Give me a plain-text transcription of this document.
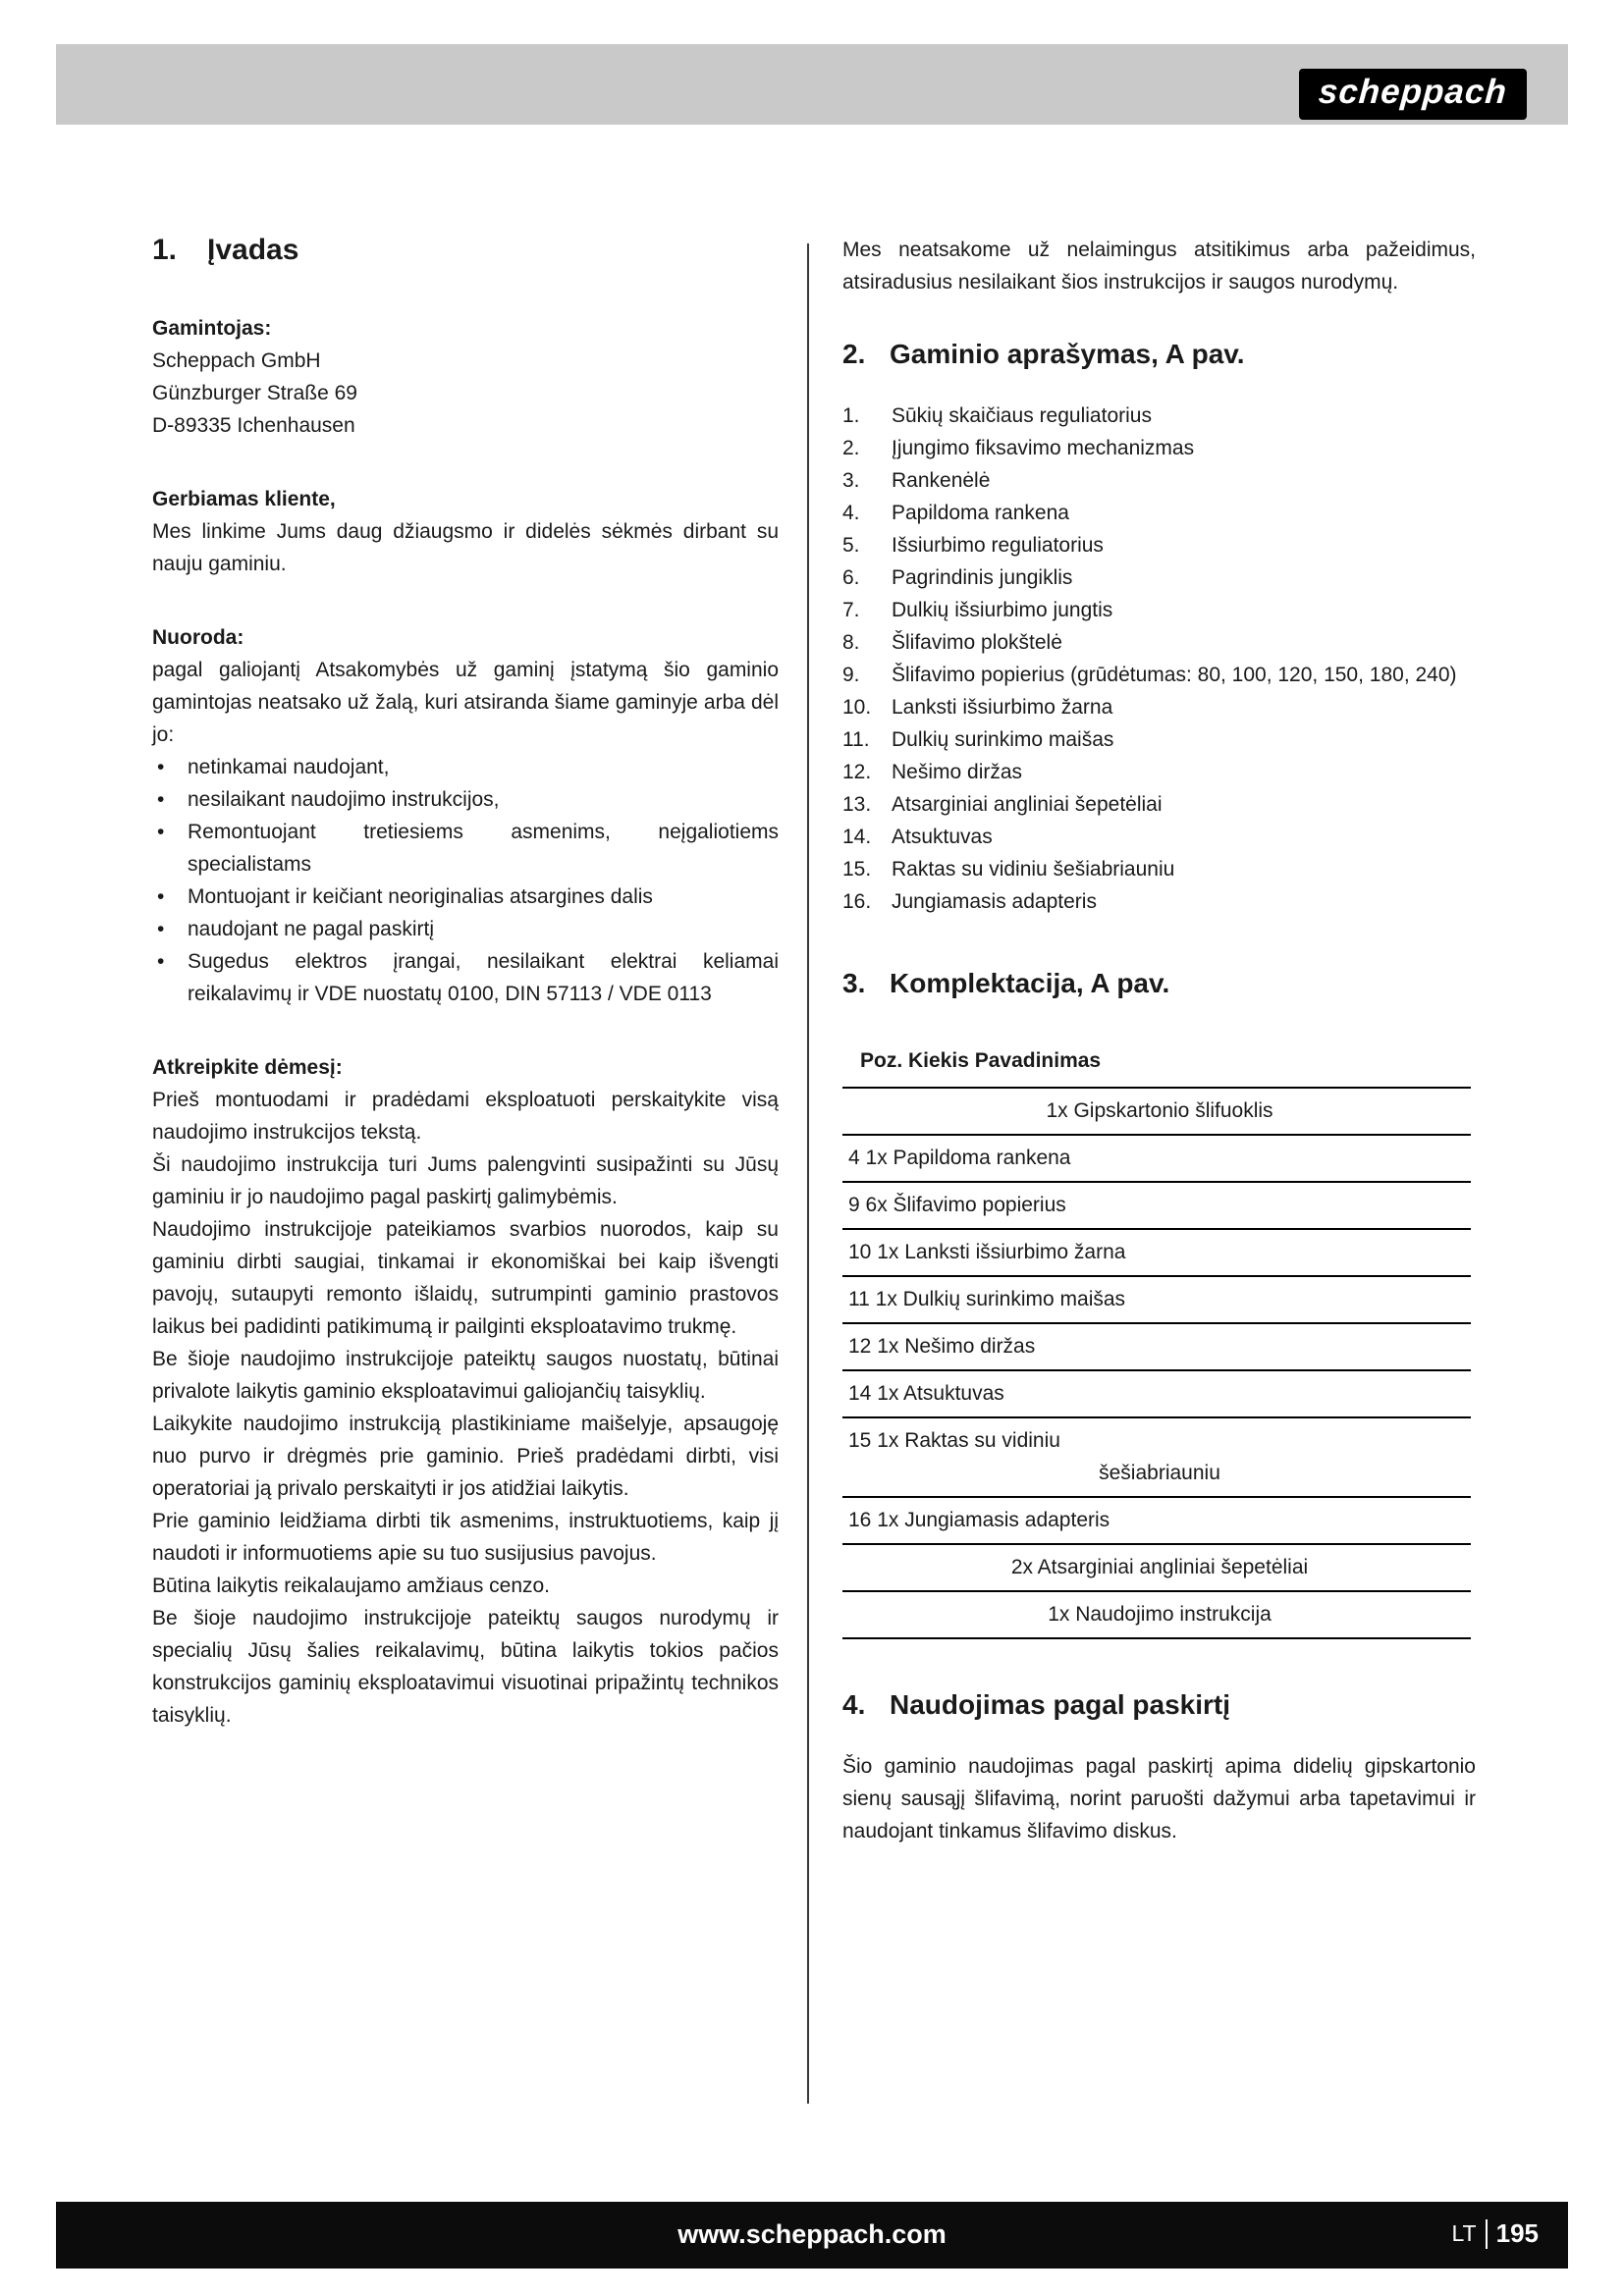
scheppach
1.	Įvadas

Gamintojas:

Scheppach GmbH

Günzburger Straße 69

D-89335 Ichenhausen

Gerbiamas kliente,

Mes linkime Jums daug džiaugsmo ir didelės sėkmės dirbant su nauju gaminiu.

Nuoroda:

pagal galiojantį Atsakomybės už gaminį įstatymą šio gaminio gamintojas neatsako už žalą, kuri atsiranda šiame gaminyje arba dėl jo:

•	netinkamai naudojant,
•	nesilaikant naudojimo instrukcijos,
•	Remontuojant tretiesiems asmenims, neįgaliotiems specialistams
•	Montuojant ir keičiant neoriginalias atsargines dalis
•	naudojant ne pagal paskirtį
•	Sugedus elektros įrangai, nesilaikant elektrai keliamai reikalavimų ir VDE nuostatų 0100, DIN 57113 / VDE 0113

Atkreipkite dėmesį:

Prieš montuodami ir pradėdami eksploatuoti perskaitykite visą naudojimo instrukcijos tekstą.

Ši naudojimo instrukcija turi Jums palengvinti susipažinti su Jūsų gaminiu ir jo naudojimo pagal paskirtį galimybėmis.

Naudojimo instrukcijoje pateikiamos svarbios nuorodos, kaip su gaminiu dirbti saugiai, tinkamai ir ekonomiškai bei kaip išvengti pavojų, sutaupyti remonto išlaidų, sutrumpinti gaminio prastovos laikus bei padidinti patikimumą ir pailginti eksploatavimo trukmę.

Be šioje naudojimo instrukcijoje pateiktų saugos nuostatų, būtinai privalote laikytis gaminio eksploatavimui galiojančių taisyklių.

Laikykite naudojimo instrukciją plastikiniame maišelyje, apsaugoję nuo purvo ir drėgmės prie gaminio. Prieš pradėdami dirbti, visi operatoriai ją privalo perskaityti ir jos atidžiai laikytis.

Prie gaminio leidžiama dirbti tik asmenims, instruktuotiems, kaip jį naudoti ir informuotiems apie su tuo susijusius pavojus.

Būtina laikytis reikalaujamo amžiaus cenzo.

Be šioje naudojimo instrukcijoje pateiktų saugos nurodymų ir specialių Jūsų šalies reikalavimų, būtina laikytis tokios pačios konstrukcijos gaminių eksploatavimui visuotinai pripažintų technikos taisyklių.

Mes neatsakome už nelaimingus atsitikimus arba pažeidimus, atsiradusius nesilaikant šios instrukcijos ir saugos nurodymų.

2. Gaminio aprašymas, A pav.
1.	Sūkių skaičiaus reguliatorius
2.	Įjungimo fiksavimo mechanizmas
3.	Rankenėlė
4.	Papildoma rankena
5.	Išsiurbimo reguliatorius
6.	Pagrindinis jungiklis
7.	Dulkių išsiurbimo jungtis
8.	Šlifavimo plokštelė
9.	Šlifavimo popierius (grūdėtumas: 80, 100, 120, 150, 180, 240)
10. Lanksti išsiurbimo žarna
11.	Dulkių surinkimo maišas
12. Nešimo diržas
13. Atsarginiai angliniai šepetėliai
14. Atsuktuvas
15. Raktas su vidiniu šešiabriauniu
16. Jungiamasis adapteris
3. Komplektacija, A pav.
Poz. Kiekis Pavadinimas
1x Gipskartonio šlifuoklis
4 1x Papildoma rankena
9 6x Šlifavimo popierius
10 1x Lanksti išsiurbimo žarna
11 1x Dulkių surinkimo maišas
12 1x Nešimo diržas
14 1x Atsuktuvas
15 1x Raktas su vidiniu
šešiabriauniu
16 1x Jungiamasis adapteris
2x Atsarginiai angliniai šepetėliai
1x Naudojimo instrukcija
4. Naudojimas pagal paskirtį

Šio gaminio naudojimas pagal paskirtį apima didelių gipskartonio sienų sausąjį šlifavimą, norint paruošti dažymui arba tapetavimui ir naudojant tinkamus šlifavimo diskus.

www.scheppach.com	LT 195
